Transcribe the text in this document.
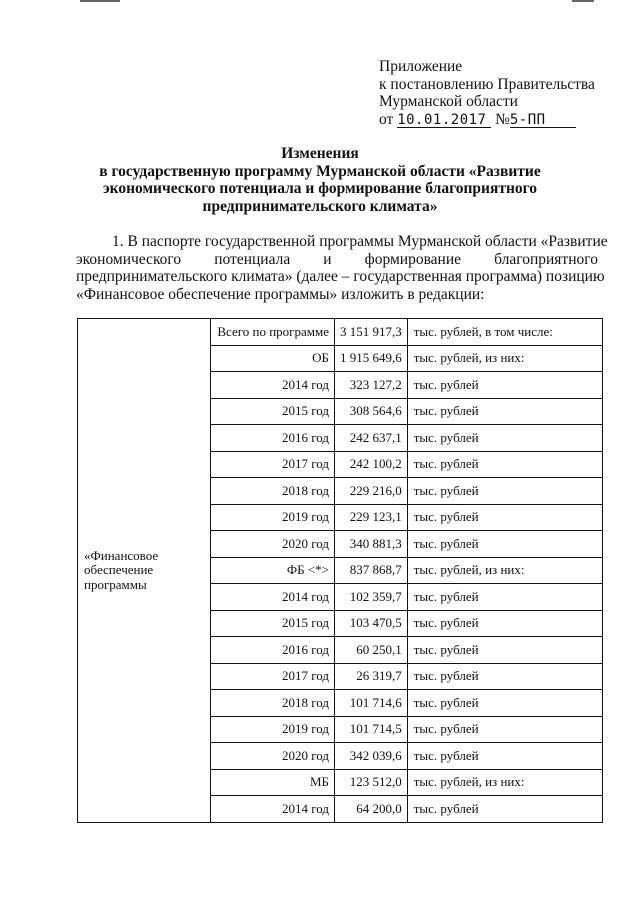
Приложение
к постановлению Правительства
Мурманской области
от 10.01.2017 №5-ПП
Изменения
в государственную программу Мурманской области «Развитие
экономического потенциала и формирование благоприятного
предпринимательского климата»
1. В паспорте государственной программы Мурманской области «Развитие
экономического потенциала и формирование благоприятного
предпринимательского климата» (далее – государственная программа) позицию
«Финансовое обеспечение программы» изложить в редакции:
«Финансовое
обеспечение
программы	Всего по программе	3 151 917,3	тыс. рублей, в том числе:
	ОБ	1 915 649,6	тыс. рублей, из них:
	2014 год	323 127,2	тыс. рублей
	2015 год	308 564,6	тыс. рублей
	2016 год	242 637,1	тыс. рублей
	2017 год	242 100,2	тыс. рублей
	2018 год	229 216,0	тыс. рублей
	2019 год	229 123,1	тыс. рублей
	2020 год	340 881,3	тыс. рублей
	ФБ <*>	837 868,7	тыс. рублей, из них:
	2014 год	102 359,7	тыс. рублей
	2015 год	103 470,5	тыс. рублей
	2016 год	60 250,1	тыс. рублей
	2017 год	26 319,7	тыс. рублей
	2018 год	101 714,6	тыс. рублей
	2019 год	101 714,5	тыс. рублей
	2020 год	342 039,6	тыс. рублей
	МБ	123 512,0	тыс. рублей, из них:
	2014 год	64 200,0	тыс. рублей
